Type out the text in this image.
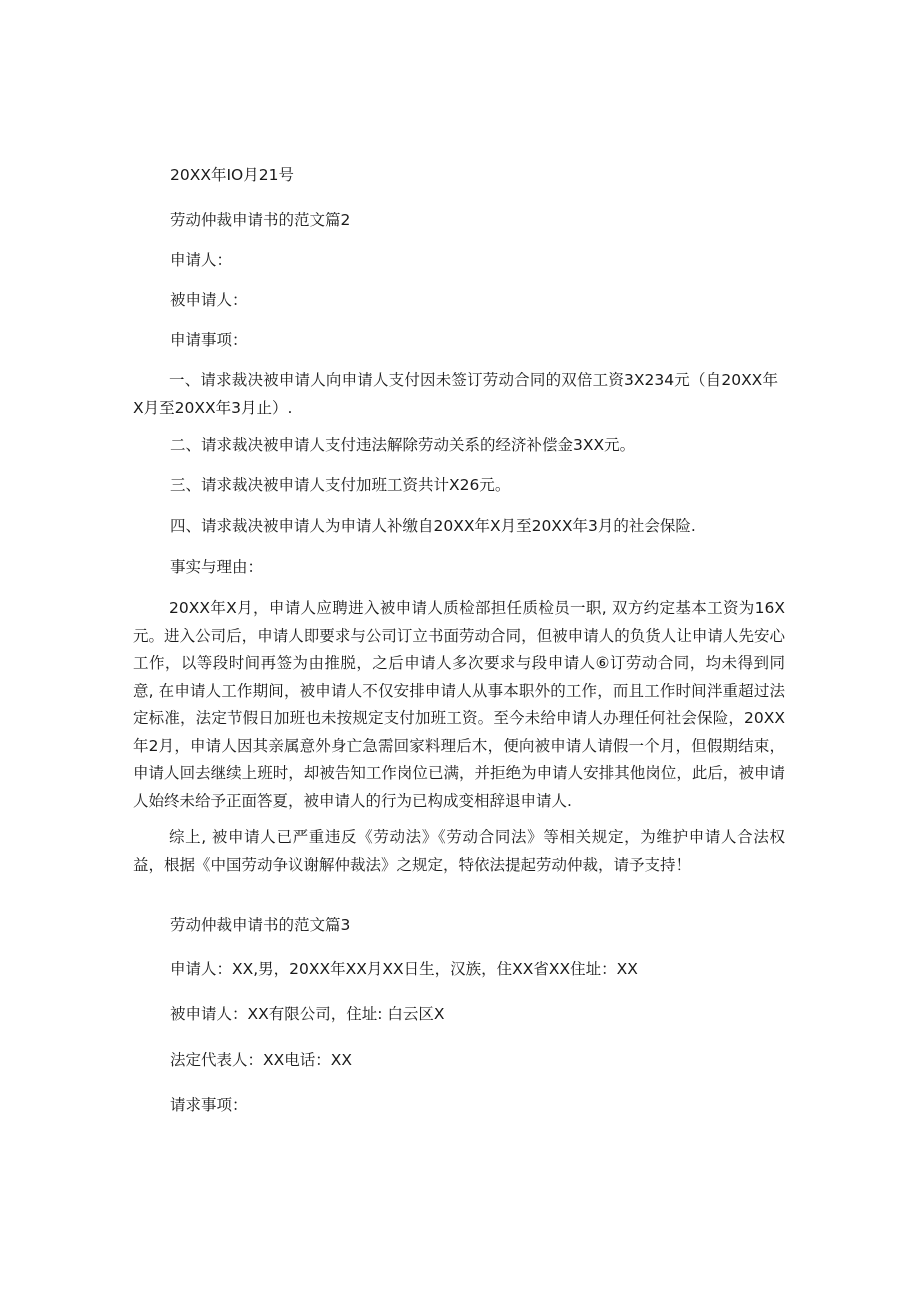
20XX年IO月21号
劳动仲裁申请书的范文篇2
申请人：
被申请人：
申请事项：

一、请求裁决被申请人向申请人支付因未签订劳动合同的双倍工资3X234元（自20XX年X月至20XX年3月止）.

二、请求裁决被申请人支付违法解除劳动关系的经济补偿金3XX元。
三、请求裁决被申请人支付加班工资共计X26元。
四、请求裁决被申请人为申请人补缴自20XX年X月至20XX年3月的社会保险.
事实与理由：

20XX年X月，申请人应聘进入被申请人质检部担任质检员一职, 双方约定基本工资为16X元。进入公司后，申请人即要求与公司订立书面劳动合同，但被申请人的负货人让申请人先安心工作，以等段时间再签为由推脱，之后申请人多次要求与段申请人⑥订劳动合同，均未得到同意, 在申请人工作期间，被申请人不仅安排申请人从事本职外的工作，而且工作时间泮重超过法定标准，法定节假日加班也未按规定支付加班工资。至今未给申请人办理任何社会保险，20XX年2月，申请人因其亲属意外身亡急需回家料理后木，便向被申请人请假一个月，但假期结束，申请人回去继续上班时，却被告知工作岗位已满，并拒绝为申请人安排其他岗位，此后，被申请人始终未给予正面答夏，被申请人的行为已构成变相辞退申请人.

综上, 被申请人已严重违反《劳动法》《劳动合同法》等相关规定，为维护申请人合法权益，根据《中国劳动争议谢解仲裁法》之规定，特依法提起劳动仲裁，请予支持！

劳动仲裁申请书的范文篇3
申请人：XX,男，20XX年XX月XX日生，汉族，住XX省XX住址：XX
被申请人：XX有限公司，住址: 白云区X
法定代表人：XX电话：XX
请求事项：
